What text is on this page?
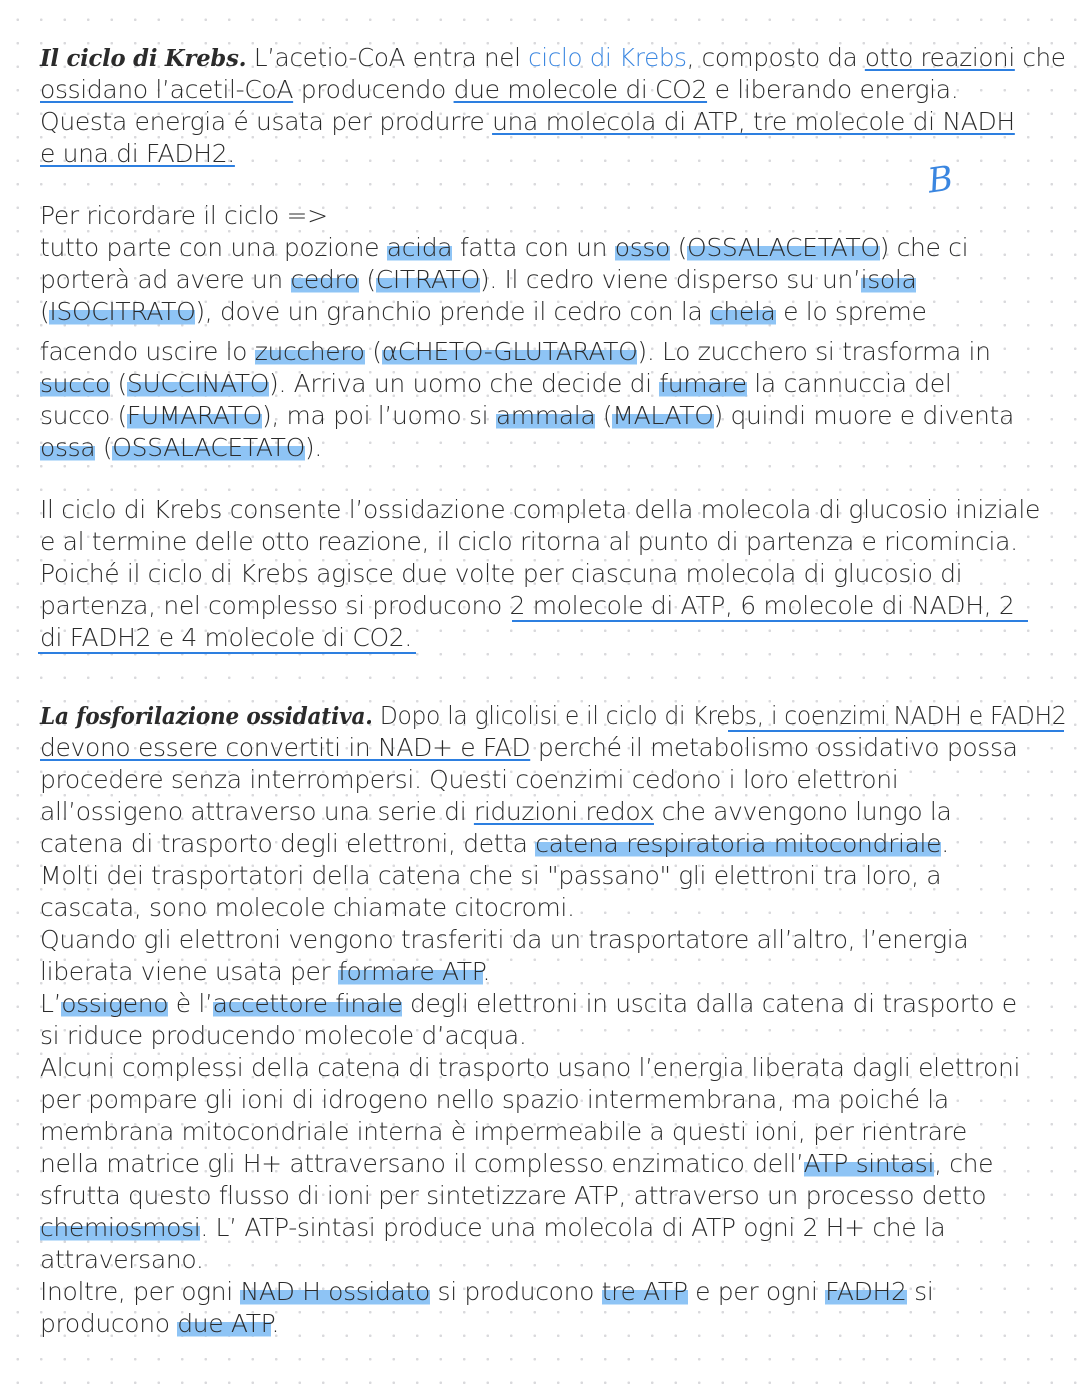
Il ciclo di Krebs. L’acetio-CoA entra nel ciclo di Krebs, composto da otto reazioni che
ossidano l’acetil-CoA producendo due molecole di CO2 e liberando energia.
Questa energia é usata per produrre una molecola di ATP, tre molecole di NADH
e una di FADH2.
B
Per ricordare il ciclo =>
tutto parte con una pozione acida fatta con un osso (OSSALACETATO) che ci
porterà ad avere un cedro (CITRATO). Il cedro viene disperso su un’isola
(ISOCITRATO), dove un granchio prende il cedro con la chela e lo spreme
facendo uscire lo zucchero (αCHETO-GLUTARATO). Lo zucchero si trasforma in
succo (SUCCINATO). Arriva un uomo che decide di fumare la cannuccia del
succo (FUMARATO), ma poi l’uomo si ammala (MALATO) quindi muore e diventa
ossa (OSSALACETATO).
Il ciclo di Krebs consente l’ossidazione completa della molecola di glucosio iniziale
e al termine delle otto reazione, il ciclo ritorna al punto di partenza e ricomincia.
Poiché il ciclo di Krebs agisce due volte per ciascuna molecola di glucosio di
partenza, nel complesso si producono 2 molecole di ATP, 6 molecole di NADH, 2
di FADH2 e 4 molecole di CO2.
La fosforilazione ossidativa. Dopo la glicolisi e il ciclo di Krebs, i coenzimi NADH e FADH2
devono essere convertiti in NAD+ e FAD perché il metabolismo ossidativo possa
procedere senza interrompersi. Questi coenzimi cedono i loro elettroni
all’ossigeno attraverso una serie di riduzioni redox che avvengono lungo la
catena di trasporto degli elettroni, detta catena respiratoria mitocondriale.
Molti dei trasportatori della catena che si "passano" gli elettroni tra loro, a
cascata, sono molecole chiamate citocromi.
Quando gli elettroni vengono trasferiti da un trasportatore all’altro, l’energia
liberata viene usata per formare ATP.
L’ossigeno è l’accettore finale degli elettroni in uscita dalla catena di trasporto e
si riduce producendo molecole d’acqua.
Alcuni complessi della catena di trasporto usano l’energia liberata dagli elettroni
per pompare gli ioni di idrogeno nello spazio intermembrana, ma poiché la
membrana mitocondriale interna è impermeabile a questi ioni, per rientrare
nella matrice gli H+ attraversano il complesso enzimatico dell’ATP sintasi, che
sfrutta questo flusso di ioni per sintetizzare ATP, attraverso un processo detto
chemiosmosi. L’ ATP-sintasi produce una molecola di ATP ogni 2 H+ che la
attraversano.
Inoltre, per ogni NAD H ossidato si producono tre ATP e per ogni FADH2 si
producono due ATP.
